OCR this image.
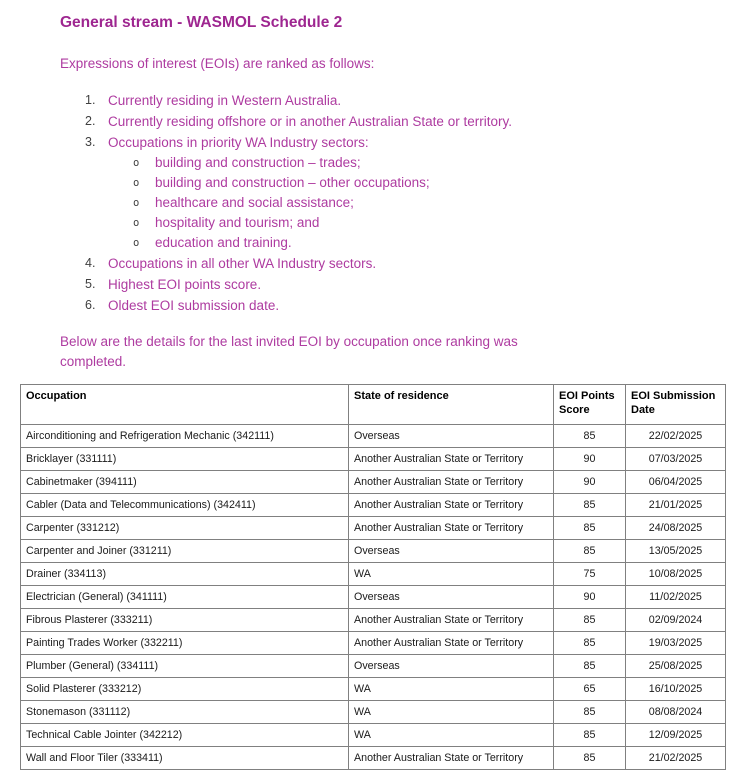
General stream - WASMOL Schedule 2

Expressions of interest (EOIs) are ranked as follows:

1. Currently residing in Western Australia.
2. Currently residing offshore or in another Australian State or territory.
3. Occupations in priority WA Industry sectors:
o	building and construction – trades;
o	building and construction – other occupations;
o	healthcare and social assistance;
o	hospitality and tourism; and
o	education and training.
4. Occupations in all other WA Industry sectors.
5. Highest EOI points score.
6. Oldest EOI submission date.

Below are the details for the last invited EOI by occupation once ranking was completed.

Occupation	State of residence	EOI Points Score	EOI Submission Date
Airconditioning and Refrigeration Mechanic (342111)	Overseas	85	22/02/2025
Bricklayer (331111)	Another Australian State or Territory	90	07/03/2025
Cabinetmaker (394111)	Another Australian State or Territory	90	06/04/2025
Cabler (Data and Telecommunications) (342411)	Another Australian State or Territory	85	21/01/2025
Carpenter (331212)	Another Australian State or Territory	85	24/08/2025
Carpenter and Joiner (331211)	Overseas	85	13/05/2025
Drainer (334113)	WA	75	10/08/2025
Electrician (General) (341111)	Overseas	90	11/02/2025
Fibrous Plasterer (333211)	Another Australian State or Territory	85	02/09/2024
Painting Trades Worker (332211)	Another Australian State or Territory	85	19/03/2025
Plumber (General) (334111)	Overseas	85	25/08/2025
Solid Plasterer (333212)	WA	65	16/10/2025
Stonemason (331112)	WA	85	08/08/2024
Technical Cable Jointer (342212)	WA	85	12/09/2025
Wall and Floor Tiler (333411)	Another Australian State or Territory	85	21/02/2025
